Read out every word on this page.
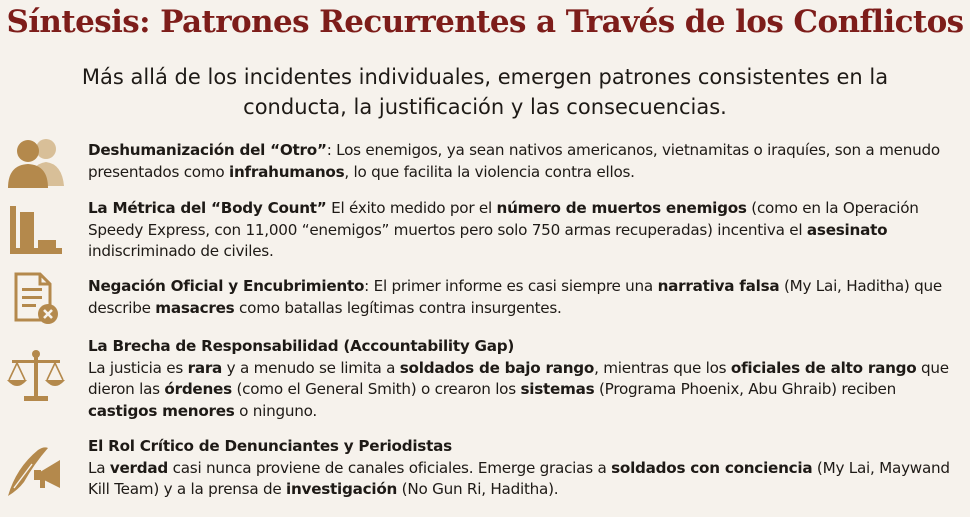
Síntesis: Patrones Recurrentes a Través de los Conflictos
Más allá de los incidentes individuales, emergen patrones consistentes en la conducta, la justificación y las consecuencias.
Deshumanización del “Otro”: Los enemigos, ya sean nativos americanos, vietnamitas o iraquíes, son a menudo presentados como infrahumanos, lo que facilita la violencia contra ellos.
La Métrica del “Body Count” El éxito medido por el número de muertos enemigos (como en la Operación Speedy Express, con 11,000 “enemigos” muertos pero solo 750 armas recuperadas) incentiva el asesinato indiscriminado de civiles.
Negación Oficial y Encubrimiento: El primer informe es casi siempre una narrativa falsa (My Lai, Haditha) que describe masacres como batallas legítimas contra insurgentes.
La Brecha de Responsabilidad (Accountability Gap)
La justicia es rara y a menudo se limita a soldados de bajo rango, mientras que los oficiales de alto rango que dieron las órdenes (como el General Smith) o crearon los sistemas (Programa Phoenix, Abu Ghraib) reciben castigos menores o ninguno.
El Rol Crítico de Denunciantes y Periodistas
La verdad casi nunca proviene de canales oficiales. Emerge gracias a soldados con conciencia (My Lai, Maywand Kill Team) y a la prensa de investigación (No Gun Ri, Haditha).
